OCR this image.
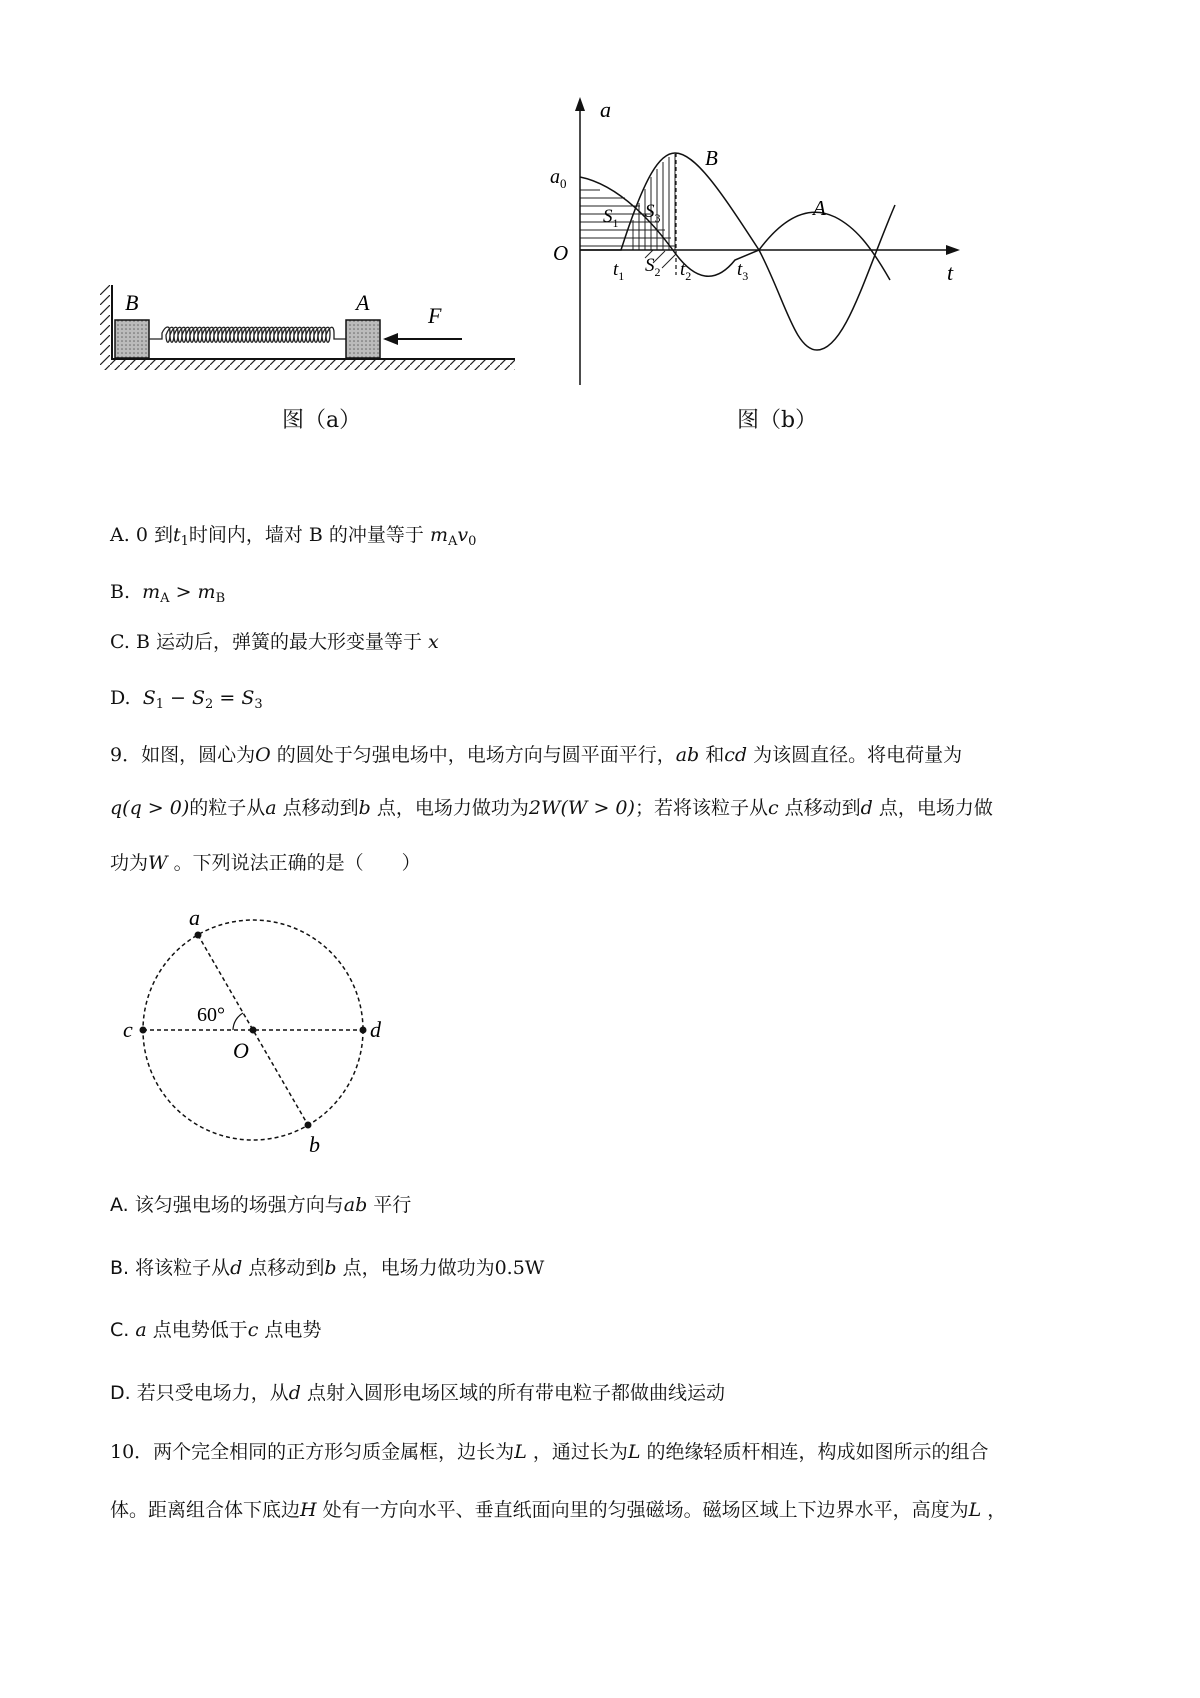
B	A
F
图（a）
a
t
O
$a_0$
A
B
$S_1$
$S_3$
$S_2$
$t_1$	$t_2$ $t_3$
图（b）
A. 0 到$t_1$时间内，墙对 B 的冲量等于 $m_Av_0$
B. $m_A > m_B$
C. B 运动后，弹簧的最大形变量等于 x
D. $S_1 - S_2 = S_3$
9．如图，圆心为O 的圆处于匀强电场中，电场方向与圆平面平行，ab 和cd 为该圆直径。将电荷量为
q(q > 0)的粒子从a 点移动到b 点，电场力做功为2W(W > 0)；若将该粒子从c 点移动到d 点，电场力做
功为W 。下列说法正确的是（　　）
a
b
c	d
O
60°
A. 该匀强电场的场强方向与ab 平行
B. 将该粒子从d 点移动到b 点，电场力做功为0.5W
C. a 点电势低于c 点电势
D. 若只受电场力，从d 点射入圆形电场区域的所有带电粒子都做曲线运动
10．两个完全相同的正方形匀质金属框，边长为L ，通过长为L 的绝缘轻质杆相连，构成如图所示的组合
体。距离组合体下底边H 处有一方向水平、垂直纸面向里的匀强磁场。磁场区域上下边界水平，高度为L ，
